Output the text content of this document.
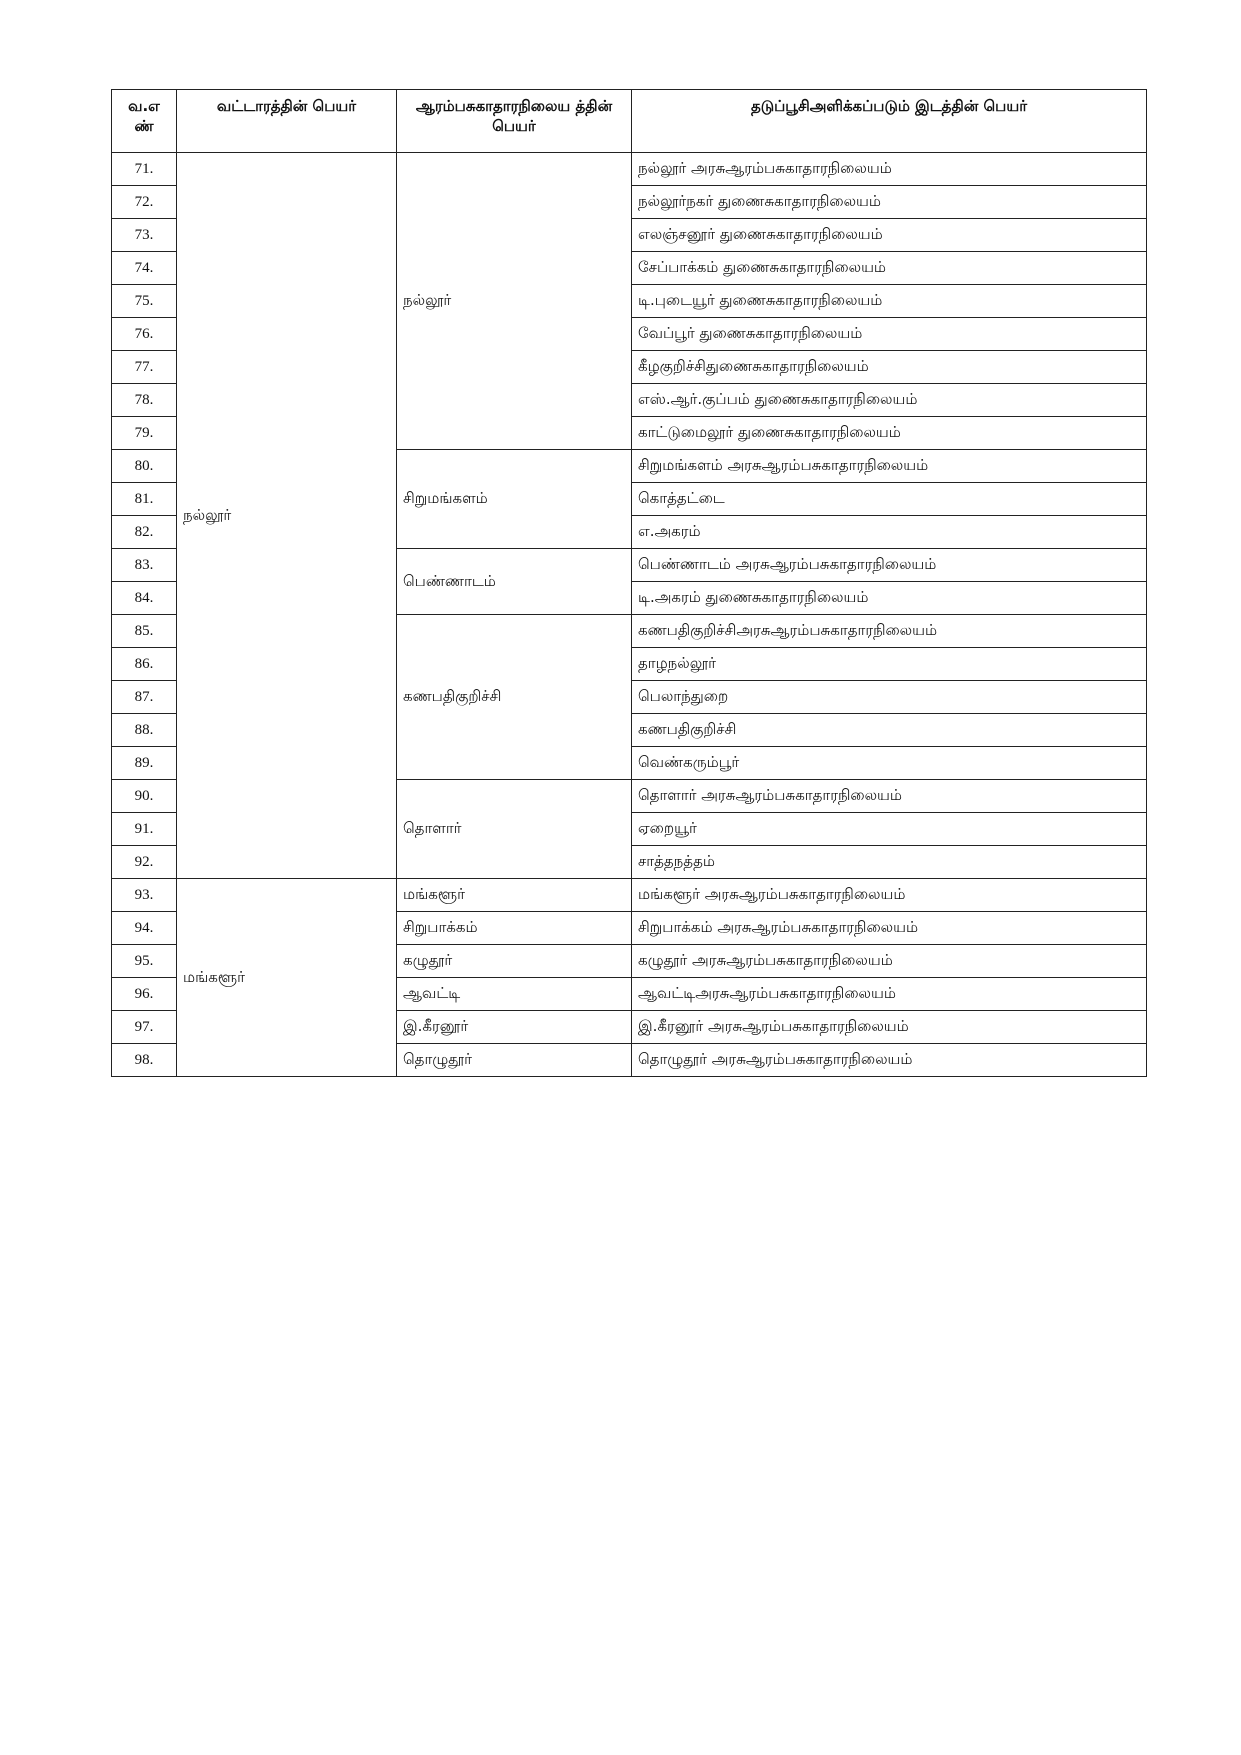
வ.எ ண்	வட்டாரத்தின் பெயர்	ஆரம்பசுகாதாரநிலைய த்தின் பெயர்	தடுப்பூசிஅளிக்கப்படும் இடத்தின் பெயர்
71.	நல்லூர்	நல்லூர்	நல்லூர் அரசுஆரம்பசுகாதாரநிலையம்
72.			நல்லூர்நகர் துணைசுகாதாரநிலையம்
73.			எலஞ்சனூர் துணைசுகாதாரநிலையம்
74.			சேப்பாக்கம் துணைசுகாதாரநிலையம்
75.			டி.புடையூர் துணைசுகாதாரநிலையம்
76.			வேப்பூர் துணைசுகாதாரநிலையம்
77.			கீழகுறிச்சிதுணைசுகாதாரநிலையம்
78.			எஸ்.ஆர்.குப்பம் துணைசுகாதாரநிலையம்
79.			காட்டுமைலூர் துணைசுகாதாரநிலையம்
80.		சிறுமங்களம்	சிறுமங்களம் அரசுஆரம்பசுகாதாரநிலையம்
81.			கொத்தட்டை
82.			எ.அகரம்
83.		பெண்ணாடம்	பெண்ணாடம் அரசுஆரம்பசுகாதாரநிலையம்
84.			டி.அகரம் துணைசுகாதாரநிலையம்
85.		கணபதிகுறிச்சி	கணபதிகுறிச்சிஅரசுஆரம்பசுகாதாரநிலையம்
86.			தாழநல்லூர்
87.			பெலாந்துறை
88.			கணபதிகுறிச்சி
89.			வெண்கரும்பூர்
90.		தொளார்	தொளார் அரசுஆரம்பசுகாதாரநிலையம்
91.			ஏறையூர்
92.			சாத்தநத்தம்
93.	மங்களூர்	மங்களூர்	மங்களூர் அரசுஆரம்பசுகாதாரநிலையம்
94.		சிறுபாக்கம்	சிறுபாக்கம் அரசுஆரம்பசுகாதாரநிலையம்
95.		கழுதூர்	கழுதூர் அரசுஆரம்பசுகாதாரநிலையம்
96.		ஆவட்டி	ஆவட்டிஅரசுஆரம்பசுகாதாரநிலையம்
97.		இ.கீரனூர்	இ.கீரனூர் அரசுஆரம்பசுகாதாரநிலையம்
98.		தொழுதூர்	தொழுதூர் அரசுஆரம்பசுகாதாரநிலையம்
